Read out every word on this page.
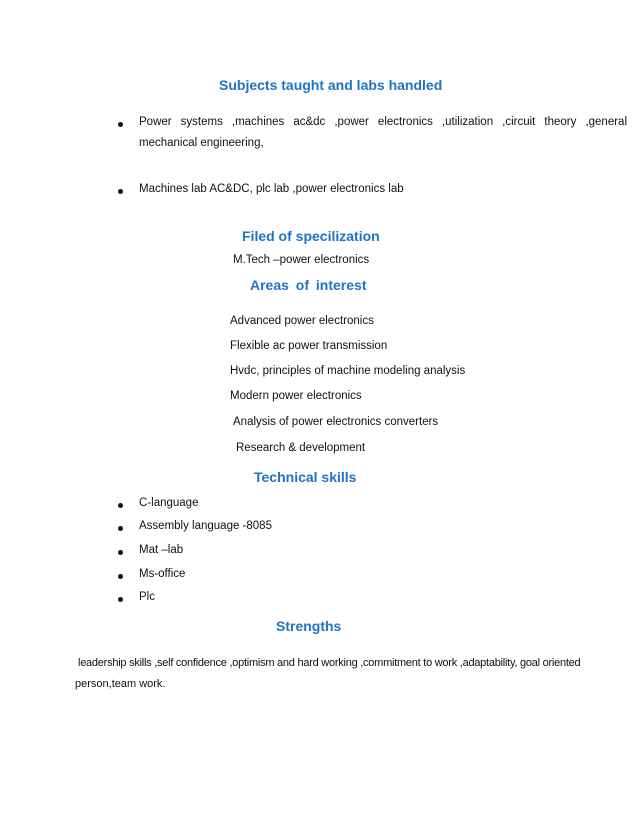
Subjects taught and labs handled
Power systems ,machines ac&dc ,power electronics ,utilization ,circuit theory ,general
mechanical engineering,
Machines lab AC&DC, plc lab ,power electronics lab
Filed of specilization
M.Tech –power electronics
Areas of interest
Advanced power electronics
Flexible ac power transmission
Hvdc, principles of machine modeling analysis
Modern power electronics
Analysis of power electronics converters
Research & development
Technical skills
C-language
Assembly language -8085
Mat –lab
Ms-office
Plc
Strengths
leadership skills ,self confidence ,optimism and hard working ,commitment to work ,adaptability, goal oriented
person,team work.
